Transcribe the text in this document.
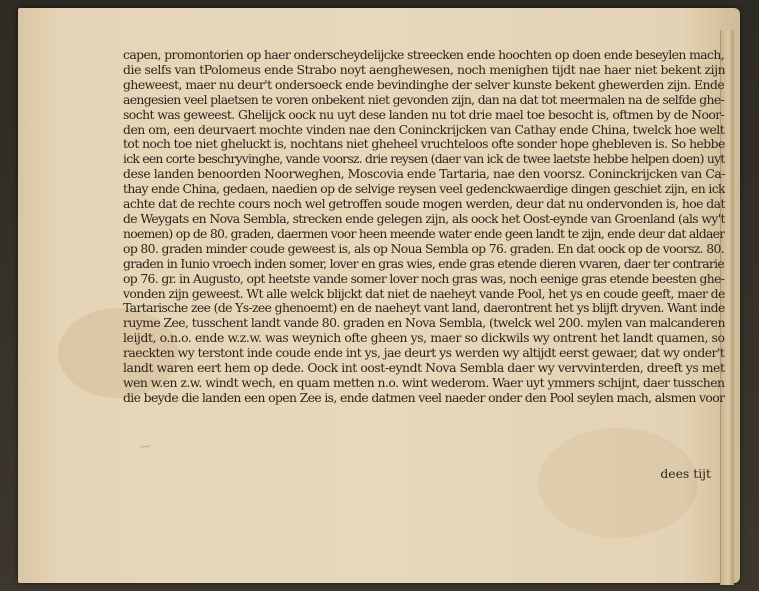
⁓
capen, promontorien op haer onderscheydelijcke streecken ende hoochten op doen ende beseylen mach,
die selfs van tPolomeus ende Strabo noyt aenghewesen, noch menighen tijdt nae haer niet bekent zijn
gheweest, maer nu deur't ondersoeck ende bevindinghe der selver kunste bekent ghewerden zijn. Ende
aengesien veel plaetsen te voren onbekent niet gevonden zijn, dan na dat tot meermalen na de selfde ghe-
socht was geweest. Ghelijck oock nu uyt dese landen nu tot drie mael toe besocht is, oftmen by de Noor-
den om, een deurvaert mochte vinden nae den Coninckrijcken van Cathay ende China, twelck hoe welt
tot noch toe niet gheluckt is, nochtans niet gheheel vruchteloos ofte sonder hope ghebleven is. So hebbe
ick een corte beschryvinghe, vande voorsz. drie reysen (daer van ick de twee laetste hebbe helpen doen) uyt
dese landen benoorden Noorweghen, Moscovia ende Tartaria, nae den voorsz. Coninckrijcken van Ca-
thay ende China, gedaen, naedien op de selvige reysen veel gedenckwaerdige dingen geschiet zijn, en ick
achte dat de rechte cours noch wel getroffen soude mogen werden, deur dat nu ondervonden is, hoe dat
de Weygats en Nova Sembla, strecken ende gelegen zijn, als oock het Oost-eynde van Groenland (als wy't
noemen) op de 80. graden, daermen voor heen meende water ende geen landt te zijn, ende deur dat aldaer
op 80. graden minder coude geweest is, als op Noua Sembla op 76. graden. En dat oock op de voorsz. 80.
graden in Iunio vroech inden somer, lover en gras wies, ende gras etende dieren vvaren, daer ter contrarie
op 76. gr. in Augusto, opt heetste vande somer lover noch gras was, noch eenige gras etende beesten ghe-
vonden zijn geweest. Wt alle welck blijckt dat niet de naeheyt vande Pool, het ys en coude geeft, maer de
Tartarische zee (de Ys-zee ghenoemt) en de naeheyt vant land, daerontrent het ys blijft dryven. Want inde
ruyme Zee, tusschent landt vande 80. graden en Nova Sembla, (twelck wel 200. mylen van malcanderen
leijdt, o.n.o. ende w.z.w. was weynich ofte gheen ys, maer so dickwils wy ontrent het landt quamen, so
raeckten wy terstont inde coude ende int ys, jae deurt ys werden wy altijdt eerst gewaer, dat wy onder't
landt waren eert hem op dede. Oock int oost-eyndt Nova Sembla daer wy vervvinterden, dreeft ys met
wen w.en z.w. windt wech, en quam metten n.o. wint wederom. Waer uyt ymmers schijnt, daer tusschen
die beyde die landen een open Zee is, ende datmen veel naeder onder den Pool seylen mach, alsmen voor
dees tijt
